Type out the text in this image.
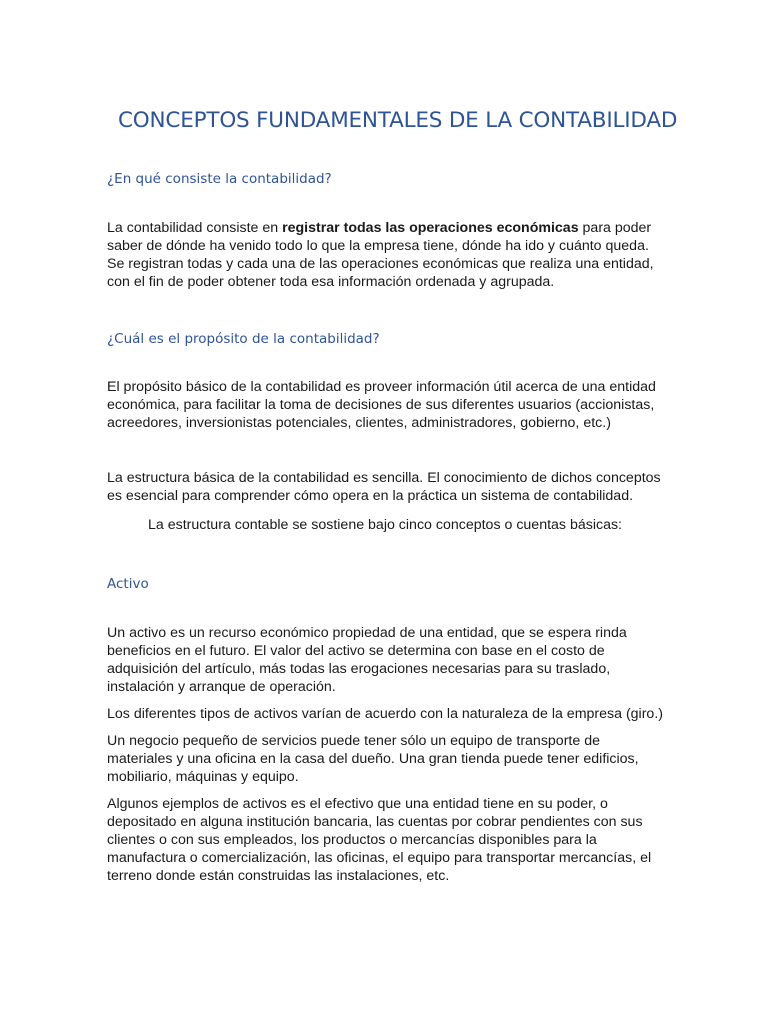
CONCEPTOS FUNDAMENTALES DE LA CONTABILIDAD
¿En qué consiste la contabilidad?

La contabilidad consiste en registrar todas las operaciones económicas para poder saber de dónde ha venido todo lo que la empresa tiene, dónde ha ido y cuánto queda. Se registran todas y cada una de las operaciones económicas que realiza una entidad, con el fin de poder obtener toda esa información ordenada y agrupada.

¿Cuál es el propósito de la contabilidad?

El propósito básico de la contabilidad es proveer información útil acerca de una entidad económica, para facilitar la toma de decisiones de sus diferentes usuarios (accionistas, acreedores, inversionistas potenciales, clientes, administradores, gobierno, etc.)

La estructura básica de la contabilidad es sencilla. El conocimiento de dichos conceptos es esencial para comprender cómo opera en la práctica un sistema de contabilidad.

La estructura contable se sostiene bajo cinco conceptos o cuentas básicas:

Activo

Un activo es un recurso económico propiedad de una entidad, que se espera rinda beneficios en el futuro. El valor del activo se determina con base en el costo de adquisición del artículo, más todas las erogaciones necesarias para su traslado, instalación y arranque de operación.

Los diferentes tipos de activos varían de acuerdo con la naturaleza de la empresa (giro.)

Un negocio pequeño de servicios puede tener sólo un equipo de transporte de materiales y una oficina en la casa del dueño. Una gran tienda puede tener edificios, mobiliario, máquinas y equipo.

Algunos ejemplos de activos es el efectivo que una entidad tiene en su poder, o depositado en alguna institución bancaria, las cuentas por cobrar pendientes con sus clientes o con sus empleados, los productos o mercancías disponibles para la manufactura o comercialización, las oficinas, el equipo para transportar mercancías, el terreno donde están construidas las instalaciones, etc.
